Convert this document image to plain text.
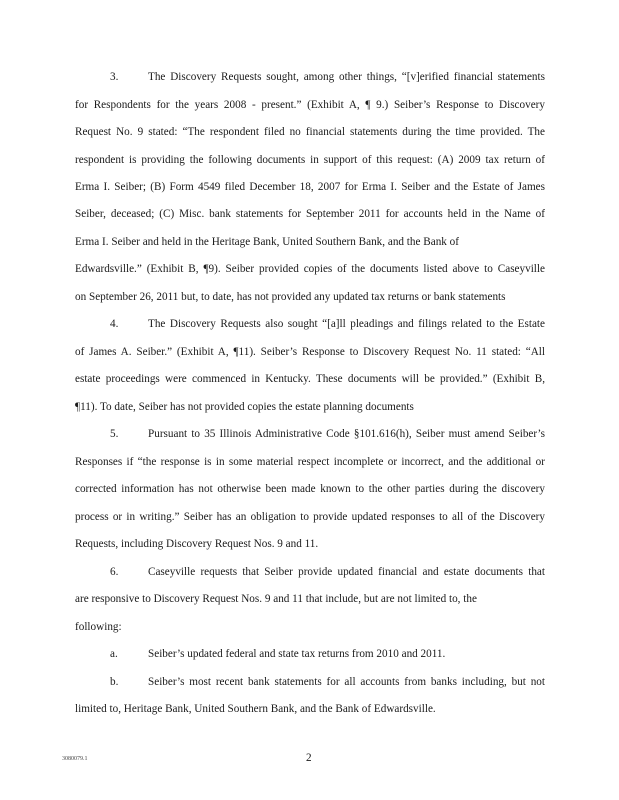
3.	The Discovery Requests sought, among other things, “[v]erified financial statements
for Respondents for the years 2008 - present.” (Exhibit A, ¶ 9.) Seiber’s Response to Discovery
Request No. 9 stated: “The respondent filed no financial statements during the time provided. The
respondent is providing the following documents in support of this request: (A) 2009 tax return of
Erma I. Seiber; (B) Form 4549 filed December 18, 2007 for Erma I. Seiber and the Estate of James
Seiber, deceased; (C) Misc. bank statements for September 2011 for accounts held in the Name of
Erma I. Seiber and held in the Heritage Bank, United Southern Bank, and the Bank of
Edwardsville.” (Exhibit B, ¶9). Seiber provided copies of the documents listed above to Caseyville
on September 26, 2011 but, to date, has not provided any updated tax returns or bank statements
4.	The Discovery Requests also sought “[a]ll pleadings and filings related to the Estate
of James A. Seiber.” (Exhibit A, ¶11). Seiber’s Response to Discovery Request No. 11 stated: “All
estate proceedings were commenced in Kentucky. These documents will be provided.” (Exhibit B,
¶11). To date, Seiber has not provided copies the estate planning documents
5.	Pursuant to 35 Illinois Administrative Code §101.616(h), Seiber must amend Seiber’s
Responses if “the response is in some material respect incomplete or incorrect, and the additional or
corrected information has not otherwise been made known to the other parties during the discovery
process or in writing.” Seiber has an obligation to provide updated responses to all of the Discovery
Requests, including Discovery Request Nos. 9 and 11.
6.	Caseyville requests that Seiber provide updated financial and estate documents that
are responsive to Discovery Request Nos. 9 and 11 that include, but are not limited to, the
following:
a.	Seiber’s updated federal and state tax returns from 2010 and 2011.
b.	Seiber’s most recent bank statements for all accounts from banks including, but not
limited to, Heritage Bank, United Southern Bank, and the Bank of Edwardsville.
3080079.1	2
